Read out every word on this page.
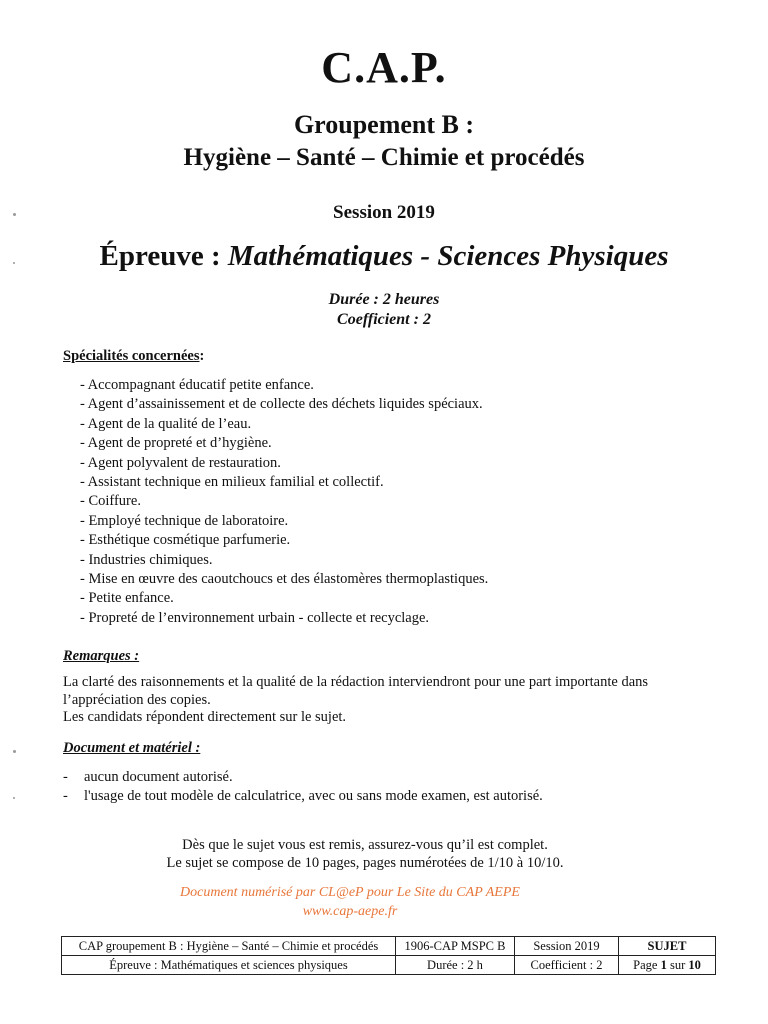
C.A.P.
Groupement B :
Hygiène – Santé – Chimie et procédés
Session 2019
Épreuve : Mathématiques - Sciences Physiques
Durée : 2 heures
Coefficient : 2
Spécialités concernées:
- Accompagnant éducatif petite enfance.
- Agent d’assainissement et de collecte des déchets liquides spéciaux.
- Agent de la qualité de l’eau.
- Agent de propreté et d’hygiène.
- Agent polyvalent de restauration.
- Assistant technique en milieux familial et collectif.
- Coiffure.
- Employé technique de laboratoire.
- Esthétique cosmétique parfumerie.
- Industries chimiques.
- Mise en œuvre des caoutchoucs et des élastomères thermoplastiques.
- Petite enfance.
- Propreté de l’environnement urbain - collecte et recyclage.
Remarques :
La clarté des raisonnements et la qualité de la rédaction interviendront pour une part importante dans l’appréciation des copies.
Les candidats répondent directement sur le sujet.
Document et matériel :
- aucun document autorisé.
- l'usage de tout modèle de calculatrice, avec ou sans mode examen, est autorisé.
Dès que le sujet vous est remis, assurez-vous qu’il est complet.
Le sujet se compose de 10 pages, pages numérotées de 1/10 à 10/10.
Document numérisé par CL@eP pour Le Site du CAP AEPE
www.cap-aepe.fr
CAP groupement B : Hygiène – Santé – Chimie et procédés	1906-CAP MSPC B	Session 2019	SUJET
Épreuve : Mathématiques et sciences physiques	Durée : 2 h	Coefficient : 2	Page 1 sur 10
